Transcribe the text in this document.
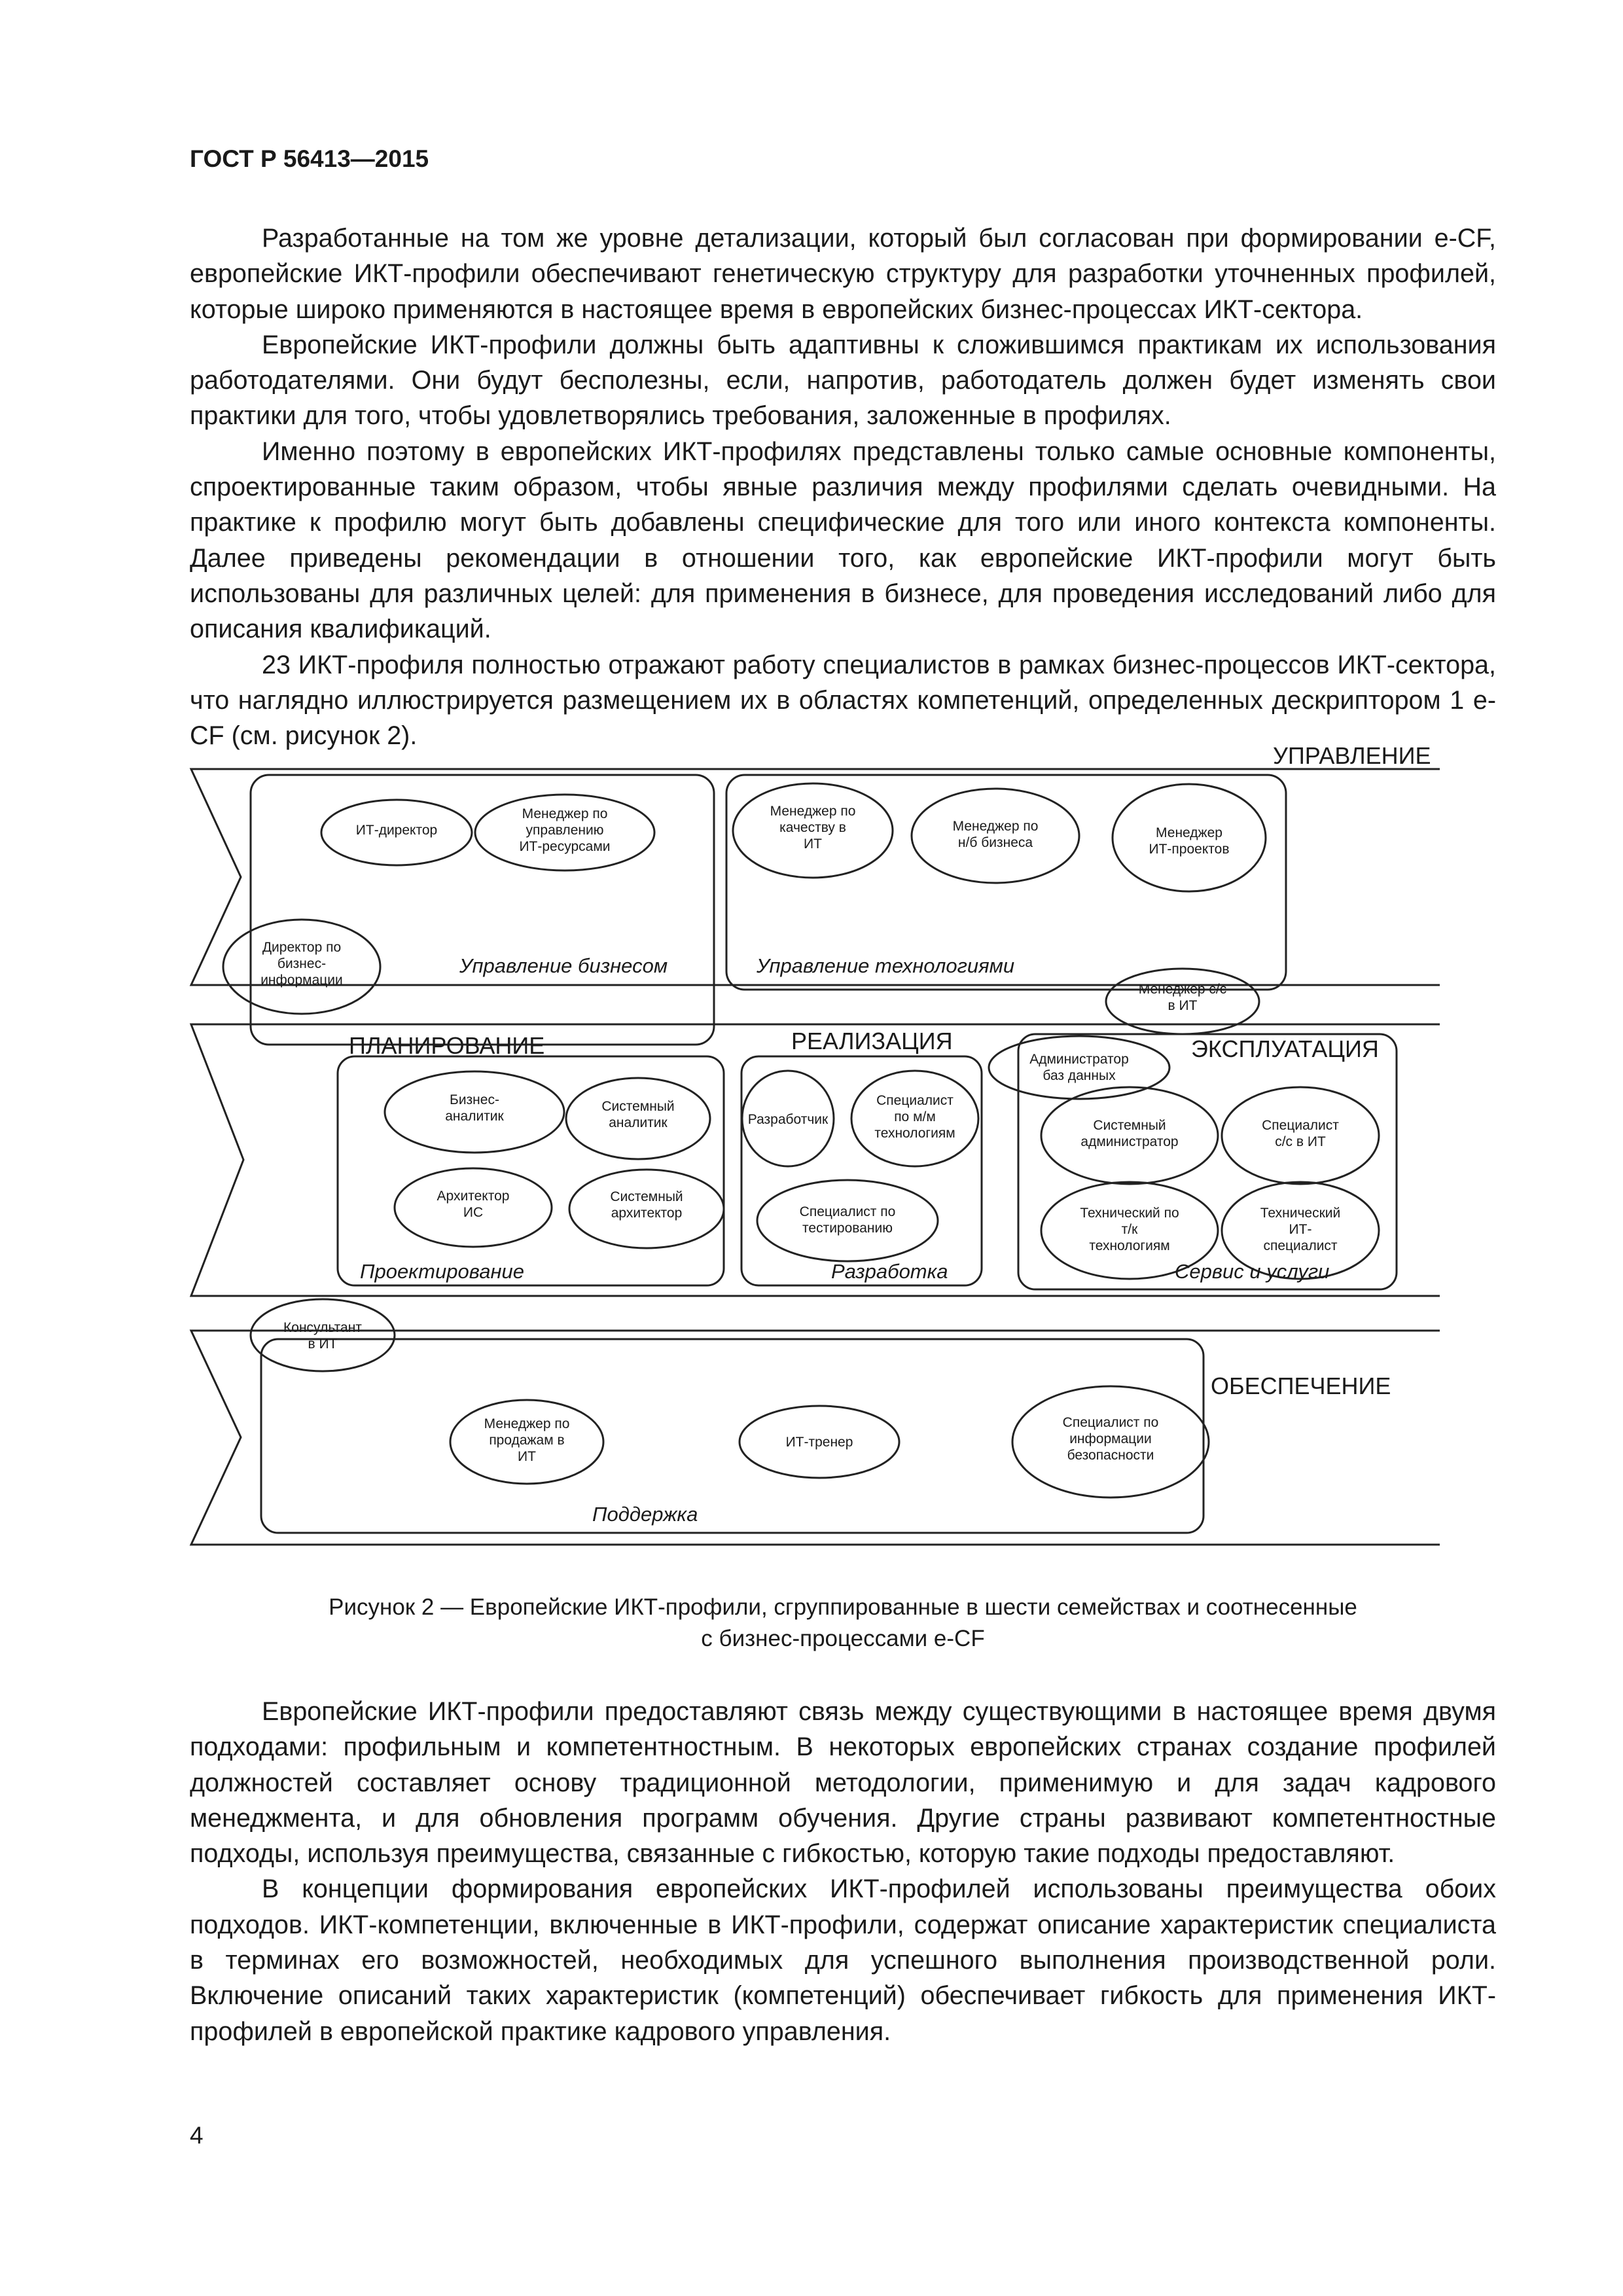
ГОСТ Р 56413—2015

Разработанные на том же уровне детализации, который был согласован при формировании e-CF, европейские ИКТ-профили обеспечивают генетическую структуру для разработки уточненных профилей, которые широко применяются в настоящее время в европейских бизнес-процессах ИКТ-сектора.

Европейские ИКТ-профили должны быть адаптивны к сложившимся практикам их использования работодателями. Они будут бесполезны, если, напротив, работодатель должен будет изменять свои практики для того, чтобы удовлетворялись требования, заложенные в профилях.

Именно поэтому в европейских ИКТ-профилях представлены только самые основные компоненты, спроектированные таким образом, чтобы явные различия между профилями сделать очевидными. На практике к профилю могут быть добавлены специфические для того или иного контекста компоненты. Далее приведены рекомендации в отношении того, как европейские ИКТ-профили могут быть использованы для различных целей: для применения в бизнесе, для проведения исследований либо для описания квалификаций.

23 ИКТ-профиля полностью отражают работу специалистов в рамках бизнес-процессов ИКТ-сектора, что наглядно иллюстрируется размещением их в областях компетенций, определенных дескриптором 1 e-CF (см. рисунок 2).

УПРАВЛЕНИЕ
ПЛАНИРОВАНИЕ	РЕАЛИЗАЦИЯ	ЭКСПЛУАТАЦИЯ
ОБЕСПЕЧЕНИЕ
Управление бизнесом	Управление технологиями
Проектирование	Разработка	Сервис и услуги
Поддержка
ИТ-директор
Менеджер по управлению ИТ-ресурсами
Директор по бизнес-информации
Менеджер по качеству в ИТ
Менеджер по н/б бизнеса
Менеджер ИТ-проектов
Менеджер с/с в ИТ
Бизнес-аналитик
Системный аналитик
Архитектор ИС
Системный архитектор
Разработчик
Специалист по м/м технологиям
Специалист по тестированию
Администратор баз данных
Системный администратор
Специалист с/с в ИТ
Технический по т/к технологиям
Технический ИТ-специалист
Консультант в ИТ
Менеджер по продажам в ИТ
ИТ-тренер
Специалист по информации безопасности
Рисунок 2 — Европейские ИКТ-профили, сгруппированные в шести семействах и соотнесенные
с бизнес-процессами e-CF

Европейские ИКТ-профили предоставляют связь между существующими в настоящее время двумя подходами: профильным и компетентностным. В некоторых европейских странах создание профилей должностей составляет основу традиционной методологии, применимую и для задач кадрового менеджмента, и для обновления программ обучения. Другие страны развивают компетентностные подходы, используя преимущества, связанные с гибкостью, которую такие подходы предоставляют.

В концепции формирования европейских ИКТ-профилей использованы преимущества обоих подходов. ИКТ-компетенции, включенные в ИКТ-профили, содержат описание характеристик специалиста в терминах его возможностей, необходимых для успешного выполнения производственной роли. Включение описаний таких характеристик (компетенций) обеспечивает гибкость для применения ИКТ-профилей в европейской практике кадрового управления.

4
